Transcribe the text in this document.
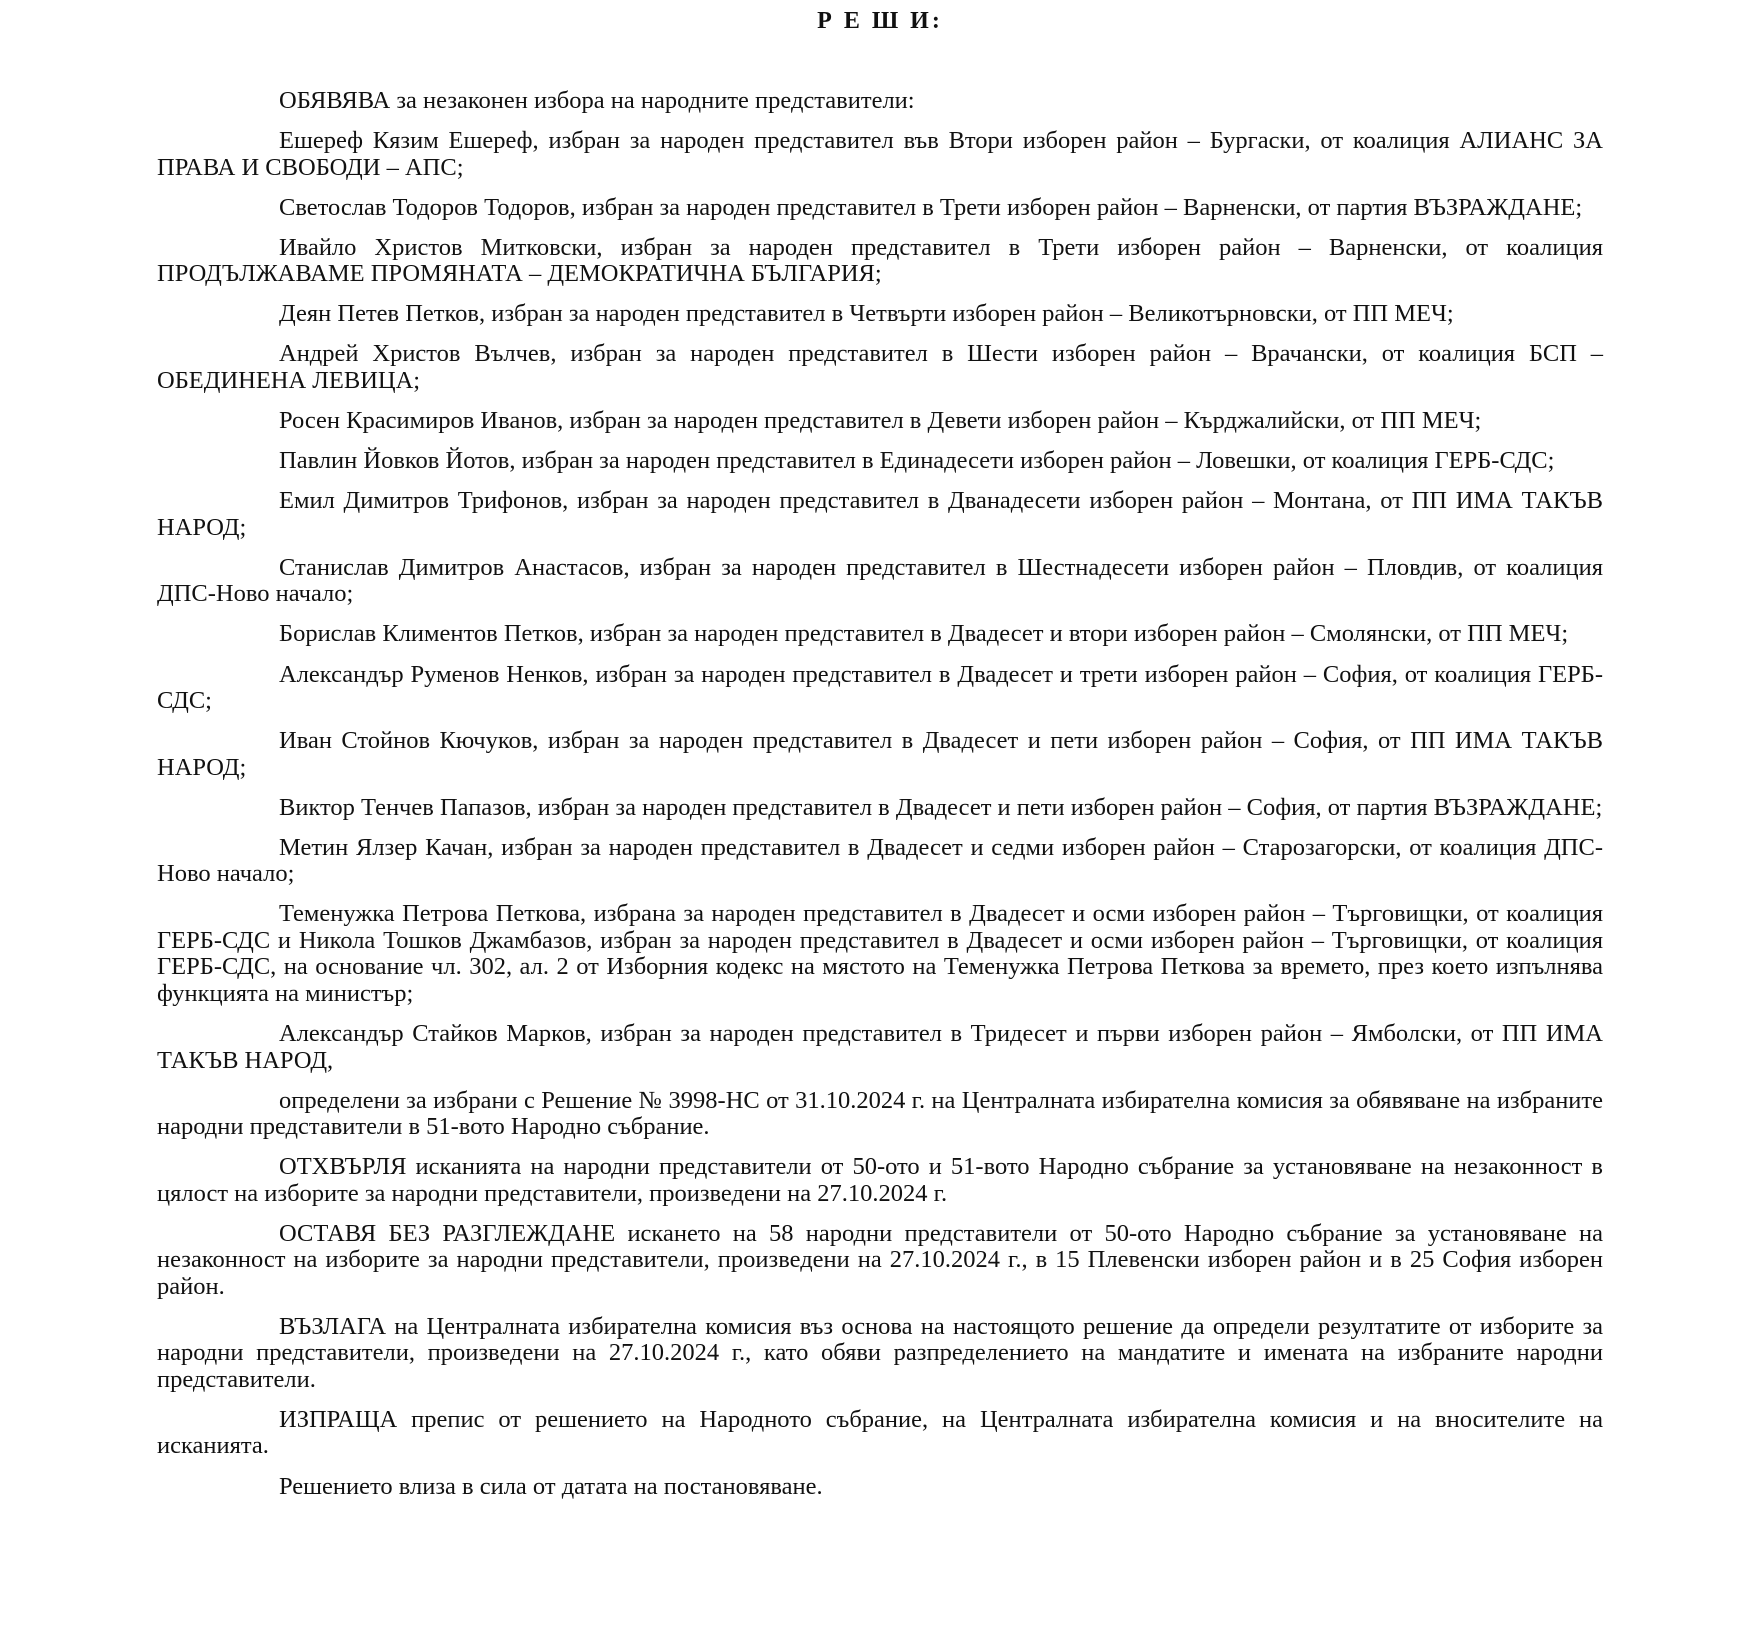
Р Е Ш И:

ОБЯВЯВА за незаконен избора на народните представители:

Ешереф Кязим Ешереф, избран за народен представител във Втори изборен район – Бургаски, от коалиция АЛИАНС ЗА ПРАВА И СВОБОДИ – АПС;

Светослав Тодоров Тодоров, избран за народен представител в Трети изборен район – Варненски, от партия ВЪЗРАЖДАНЕ;

Ивайло Христов Митковски, избран за народен представител в Трети изборен район – Варненски, от коалиция ПРОДЪЛЖАВАМЕ ПРОМЯНАТА – ДЕМОКРАТИЧНА БЪЛГАРИЯ;

Деян Петев Петков, избран за народен представител в Четвърти изборен район – Великотърновски, от ПП МЕЧ;

Андрей Христов Вълчев, избран за народен представител в Шести изборен район – Врачански, от коалиция БСП – ОБЕДИНЕНА ЛЕВИЦА;

Росен Красимиров Иванов, избран за народен представител в Девети изборен район – Кърджалийски, от ПП МЕЧ;

Павлин Йовков Йотов, избран за народен представител в Единадесети изборен район – Ловешки, от коалиция ГЕРБ-СДС;

Емил Димитров Трифонов, избран за народен представител в Дванадесети изборен район – Монтана, от ПП ИМА ТАКЪВ НАРОД;

Станислав Димитров Анастасов, избран за народен представител в Шестнадесети изборен район – Пловдив, от коалиция ДПС-Ново начало;

Борислав Климентов Петков, избран за народен представител в Двадесет и втори изборен район – Смолянски, от ПП МЕЧ;

Александър Руменов Ненков, избран за народен представител в Двадесет и трети изборен район – София, от коалиция ГЕРБ-СДС;

Иван Стойнов Кючуков, избран за народен представител в Двадесет и пети изборен район – София, от ПП ИМА ТАКЪВ НАРОД;

Виктор Тенчев Папазов, избран за народен представител в Двадесет и пети изборен район – София, от партия ВЪЗРАЖДАНЕ;

Метин Ялзер Качан, избран за народен представител в Двадесет и седми изборен район – Старозагорски, от коалиция ДПС-Ново начало;

Теменужка Петрова Петкова, избрана за народен представител в Двадесет и осми изборен район – Търговищки, от коалиция ГЕРБ-СДС и Никола Тошков Джамбазов, избран за народен представител в Двадесет и осми изборен район – Търговищки, от коалиция ГЕРБ-СДС, на основание чл. 302, ал. 2 от Изборния кодекс на мястото на Теменужка Петрова Петкова за времето, през което изпълнява функцията на министър;

Александър Стайков Марков, избран за народен представител в Тридесет и първи изборен район – Ямболски, от ПП ИМА ТАКЪВ НАРОД,

определени за избрани с Решение № 3998-НС от 31.10.2024 г. на Централната избирателна комисия за обявяване на избраните народни представители в 51-вото Народно събрание.

ОТХВЪРЛЯ исканията на народни представители от 50-ото и 51-вото Народно събрание за установяване на незаконност в цялост на изборите за народни представители, произведени на 27.10.2024 г.

ОСТАВЯ БЕЗ РАЗГЛЕЖДАНЕ искането на 58 народни представители от 50-ото Народно събрание за установяване на незаконност на изборите за народни представители, произведени на 27.10.2024 г., в 15 Плевенски изборен район и в 25 София изборен район.

ВЪЗЛАГА на Централната избирателна комисия въз основа на настоящото решение да определи резултатите от изборите за народни представители, произведени на 27.10.2024 г., като обяви разпределението на мандатите и имената на избраните народни представители.

ИЗПРАЩА препис от решението на Народното събрание, на Централната избирателна комисия и на вносителите на исканията.

Решението влиза в сила от датата на постановяване.
